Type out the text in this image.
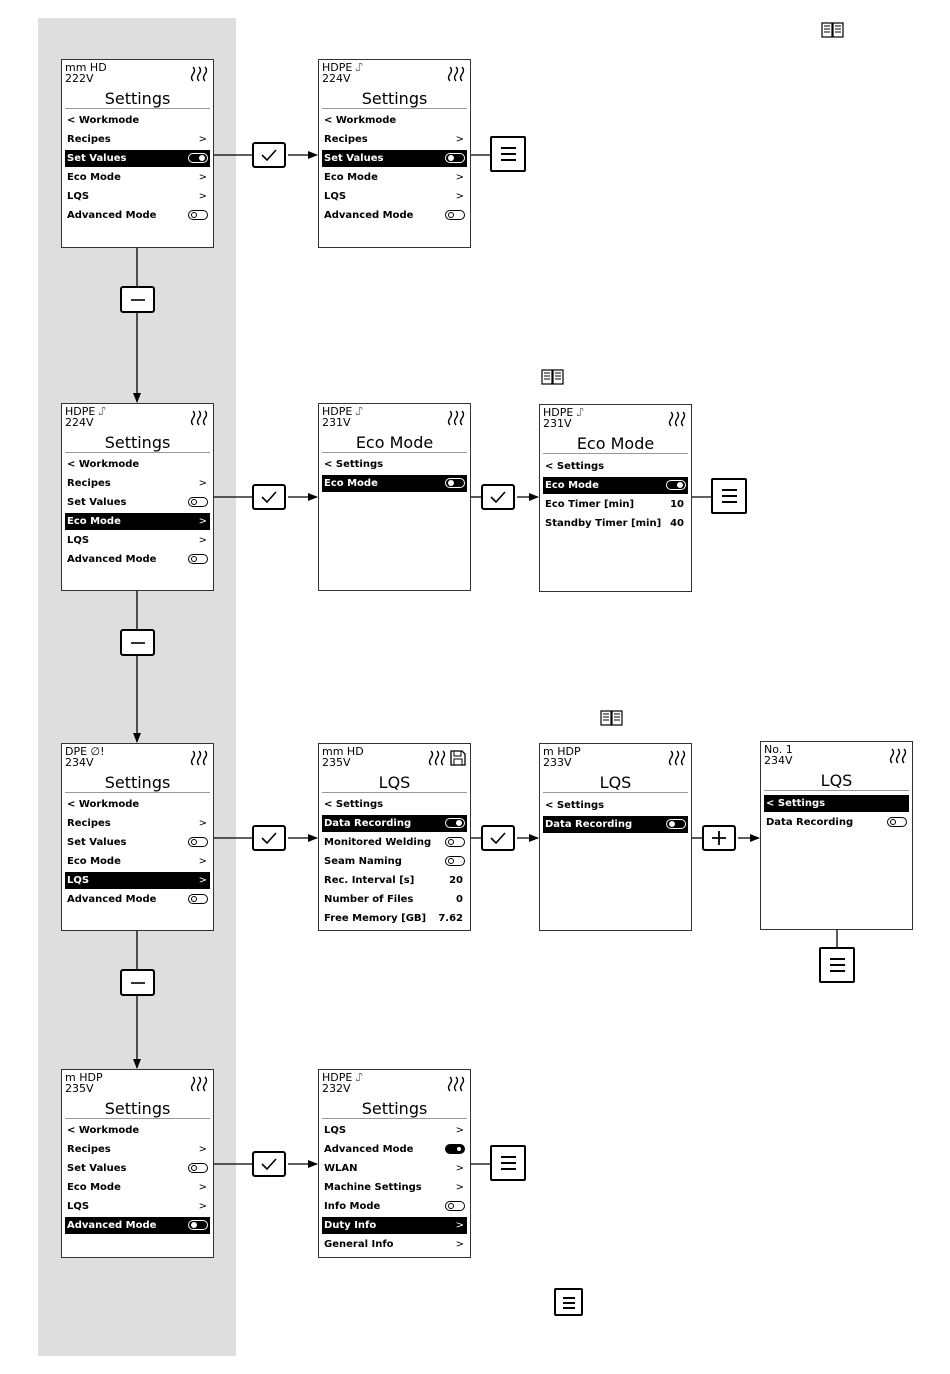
mm HD
222V
Settings
< Workmode
Recipes	>
Set Values
Eco Mode	>
LQS	>
Advanced Mode
HDPE ⑀
224V
Settings
< Workmode
Recipes	>
Set Values
Eco Mode	>
LQS	>
Advanced Mode
HDPE ⑀
224V
Settings
< Workmode
Recipes	>
Set Values
Eco Mode	>
LQS	>
Advanced Mode
HDPE ⑀
231V
Eco Mode
< Settings
Eco Mode
HDPE ⑀
231V
Eco Mode
< Settings
Eco Mode
Eco Timer [min]	10
Standby Timer [min] 40
DPE ∅!
234V
Settings
< Workmode
Recipes	>
Set Values
Eco Mode	>
LQS	>
Advanced Mode
mm HD
235V
LQS
< Settings
Data Recording
Monitored Welding
Seam Naming
Rec. Interval [s]	20
Number of Files	0
Free Memory [GB] 7.62
m HDP
233V
LQS
< Settings
Data Recording
No. 1
234V
LQS
< Settings
Data Recording
m HDP
235V
Settings
< Workmode
Recipes	>
Set Values
Eco Mode	>
LQS	>
Advanced Mode
HDPE ⑀
232V
Settings
LQS	>
Advanced Mode
WLAN	>
Machine Settings	>
Info Mode
Duty Info	>
General Info	>
